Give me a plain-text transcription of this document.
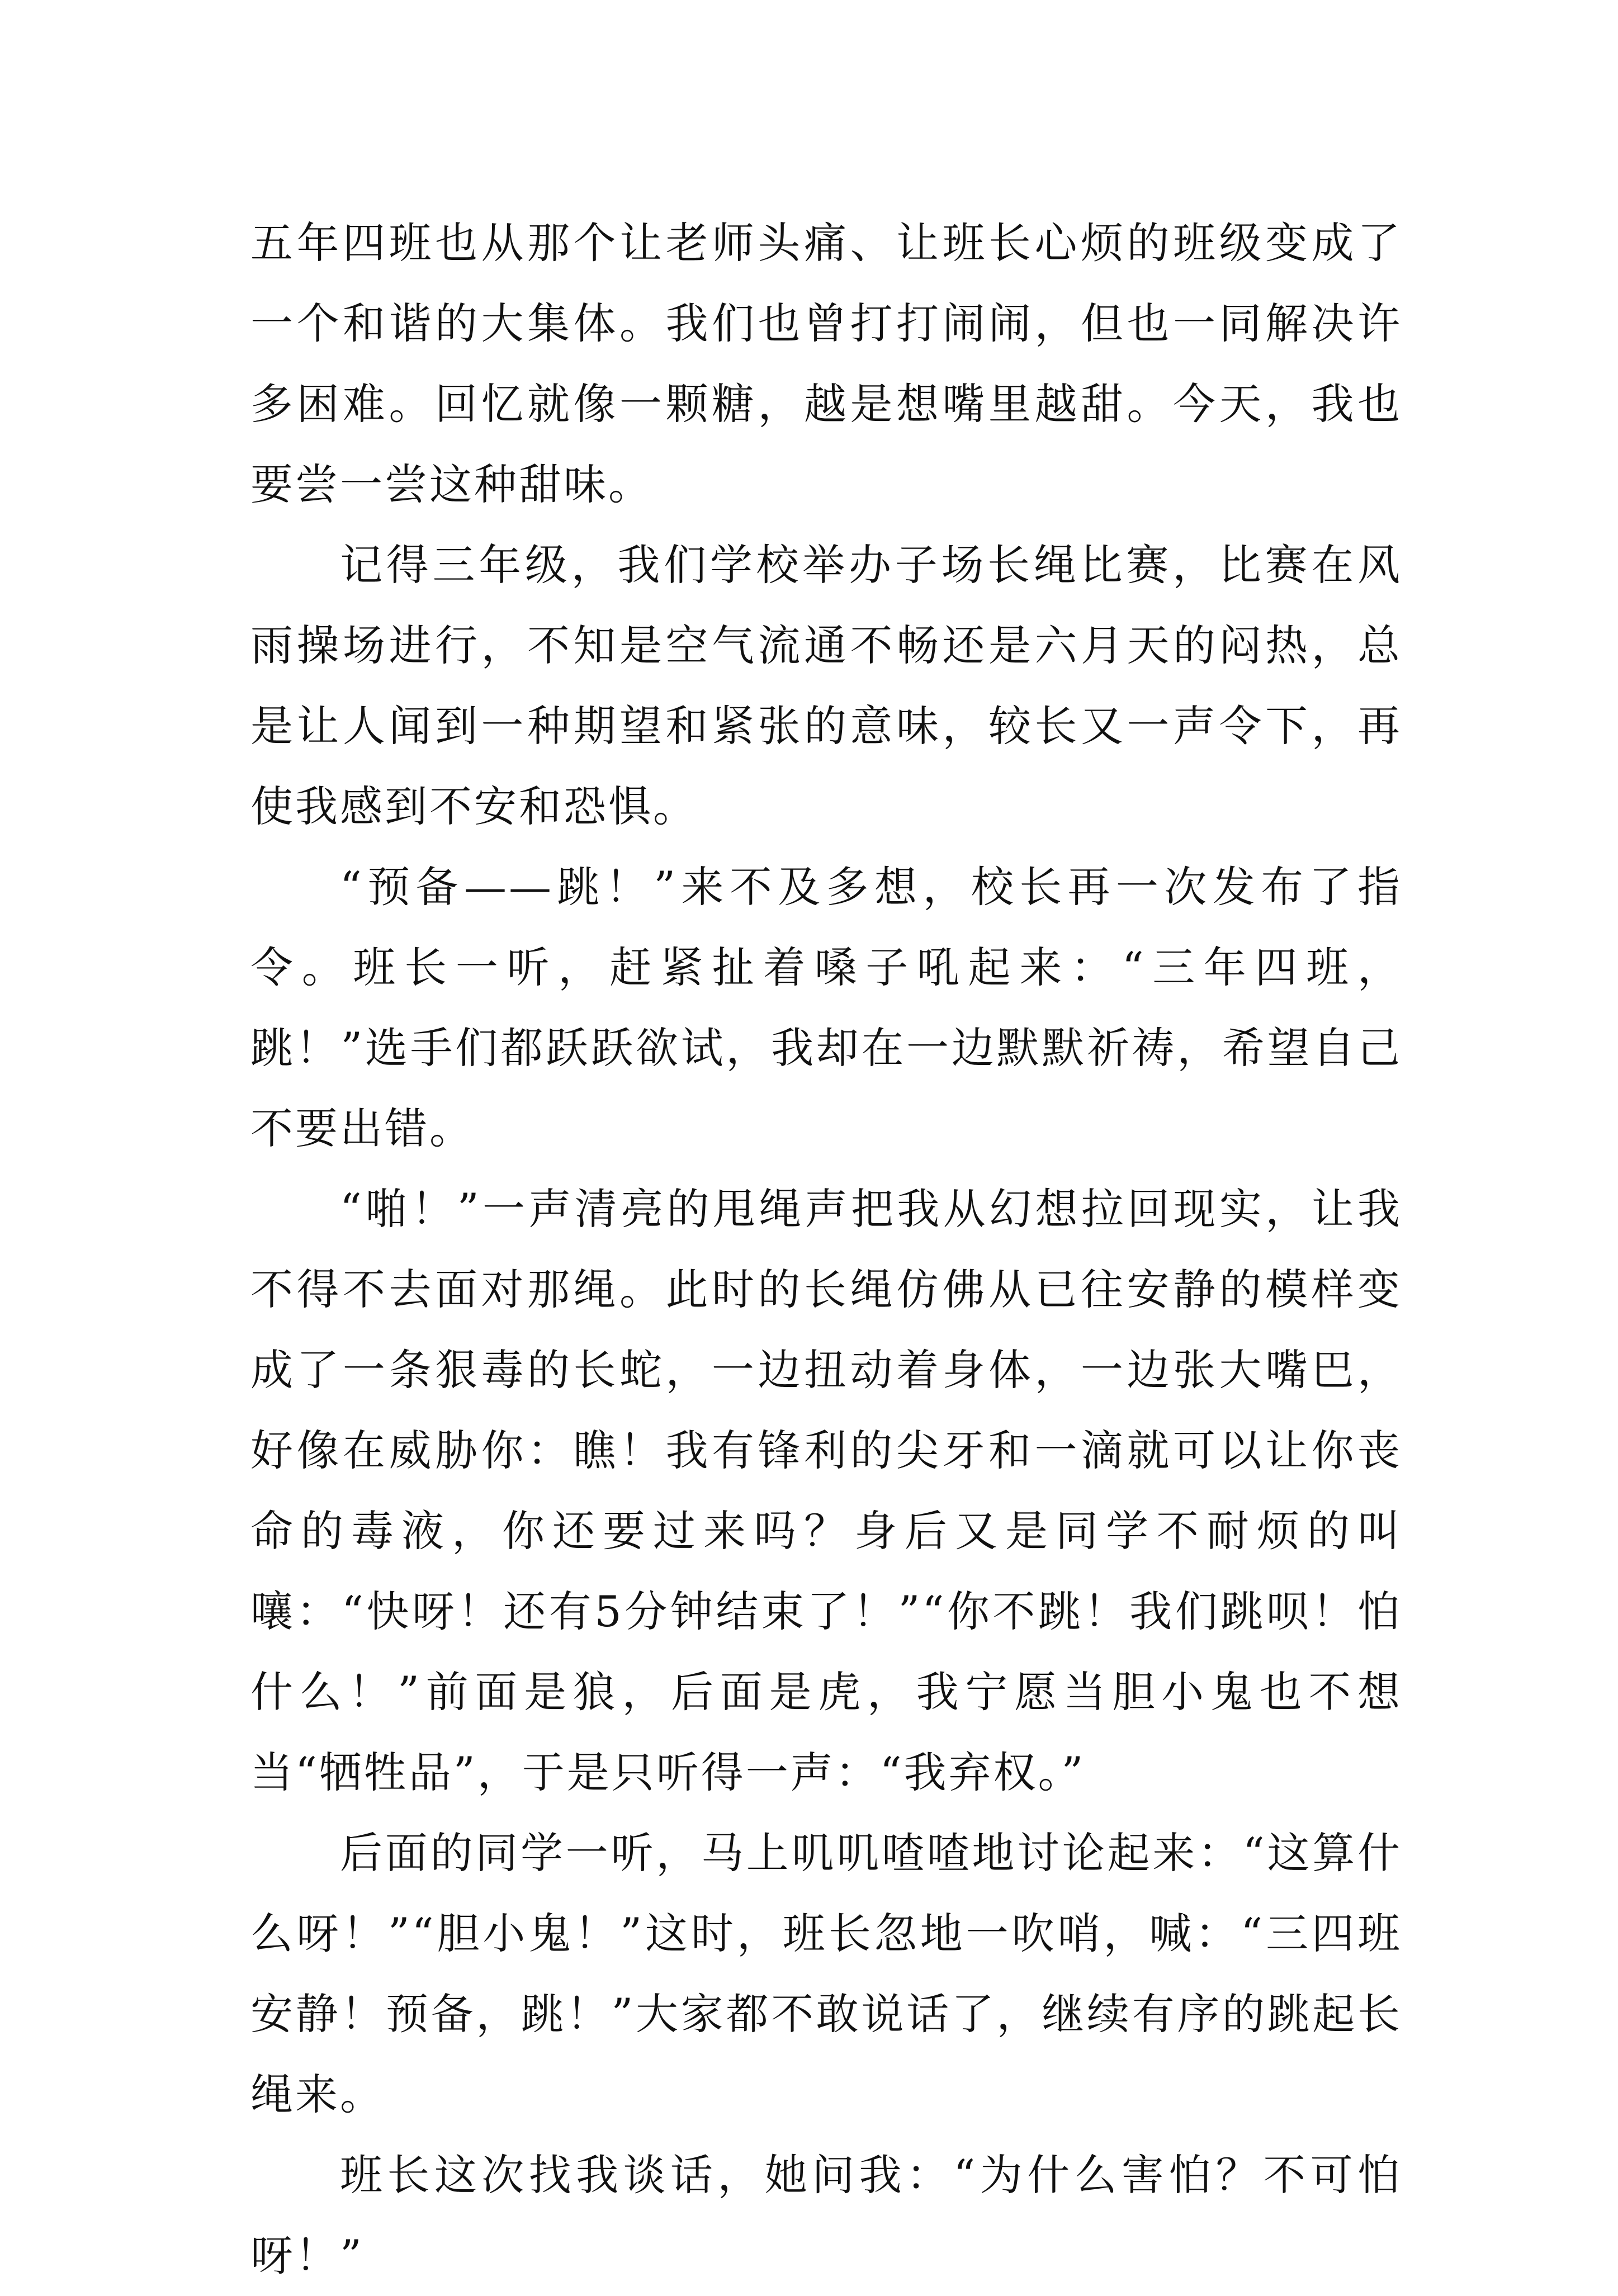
五年四班也从那个让老师头痛、让班长心烦的班级变成了一个和谐的大集体。我们也曾打打闹闹，但也一同解决许多困难。回忆就像一颗糖，越是想嘴里越甜。今天，我也要尝一尝这种甜味。

记得三年级，我们学校举办子场长绳比赛，比赛在风雨操场进行，不知是空气流通不畅还是六月天的闷热，总是让人闻到一种期望和紧张的意味，较长又一声令下，再使我感到不安和恐惧。

“预备——跳！”来不及多想，校长再一次发布了指令。班长一听，赶紧扯着嗓子吼起来：“三年四班，跳！”选手们都跃跃欲试，我却在一边默默祈祷，希望自己不要出错。

“啪！”一声清亮的甩绳声把我从幻想拉回现实，让我不得不去面对那绳。此时的长绳仿佛从已往安静的模样变成了一条狠毒的长蛇，一边扭动着身体，一边张大嘴巴，好像在威胁你：瞧！我有锋利的尖牙和一滴就可以让你丧命的毒液，你还要过来吗？身后又是同学不耐烦的叫嚷：“快呀！还有5分钟结束了！”“你不跳！我们跳呗！怕什么！”前面是狼，后面是虎，我宁愿当胆小鬼也不想当“牺牲品”，于是只听得一声：“我弃权。”

后面的同学一听，马上叽叽喳喳地讨论起来：“这算什么呀！”“胆小鬼！”这时，班长忽地一吹哨，喊：“三四班安静！预备，跳！”大家都不敢说话了，继续有序的跳起长绳来。

班长这次找我谈话，她问我：“为什么害怕？不可怕呀！”
